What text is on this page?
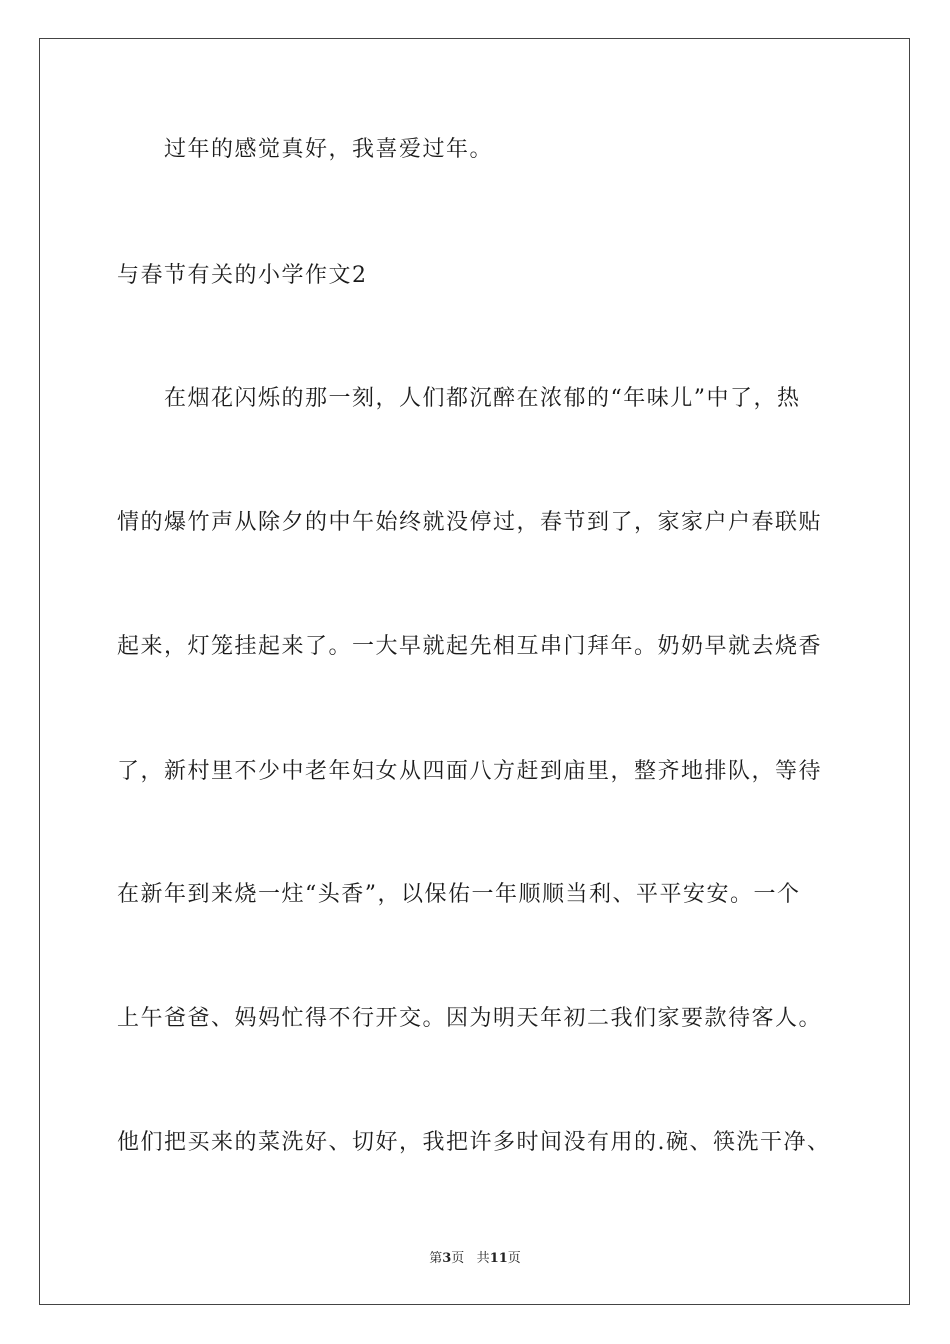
过年的感觉真好，我喜爱过年。
与春节有关的小学作文2
在烟花闪烁的那一刻，人们都沉醉在浓郁的“年味儿”中了，热
情的爆竹声从除夕的中午始终就没停过，春节到了，家家户户春联贴
起来，灯笼挂起来了。一大早就起先相互串门拜年。奶奶早就去烧香
了，新村里不少中老年妇女从四面八方赶到庙里，整齐地排队，等待
在新年到来烧一炷“头香”，以保佑一年顺顺当利、平平安安。一个
上午爸爸、妈妈忙得不行开交。因为明天年初二我们家要款待客人。
他们把买来的菜洗好、切好，我把许多时间没有用的.碗、筷洗干净、
第3页 共11页
